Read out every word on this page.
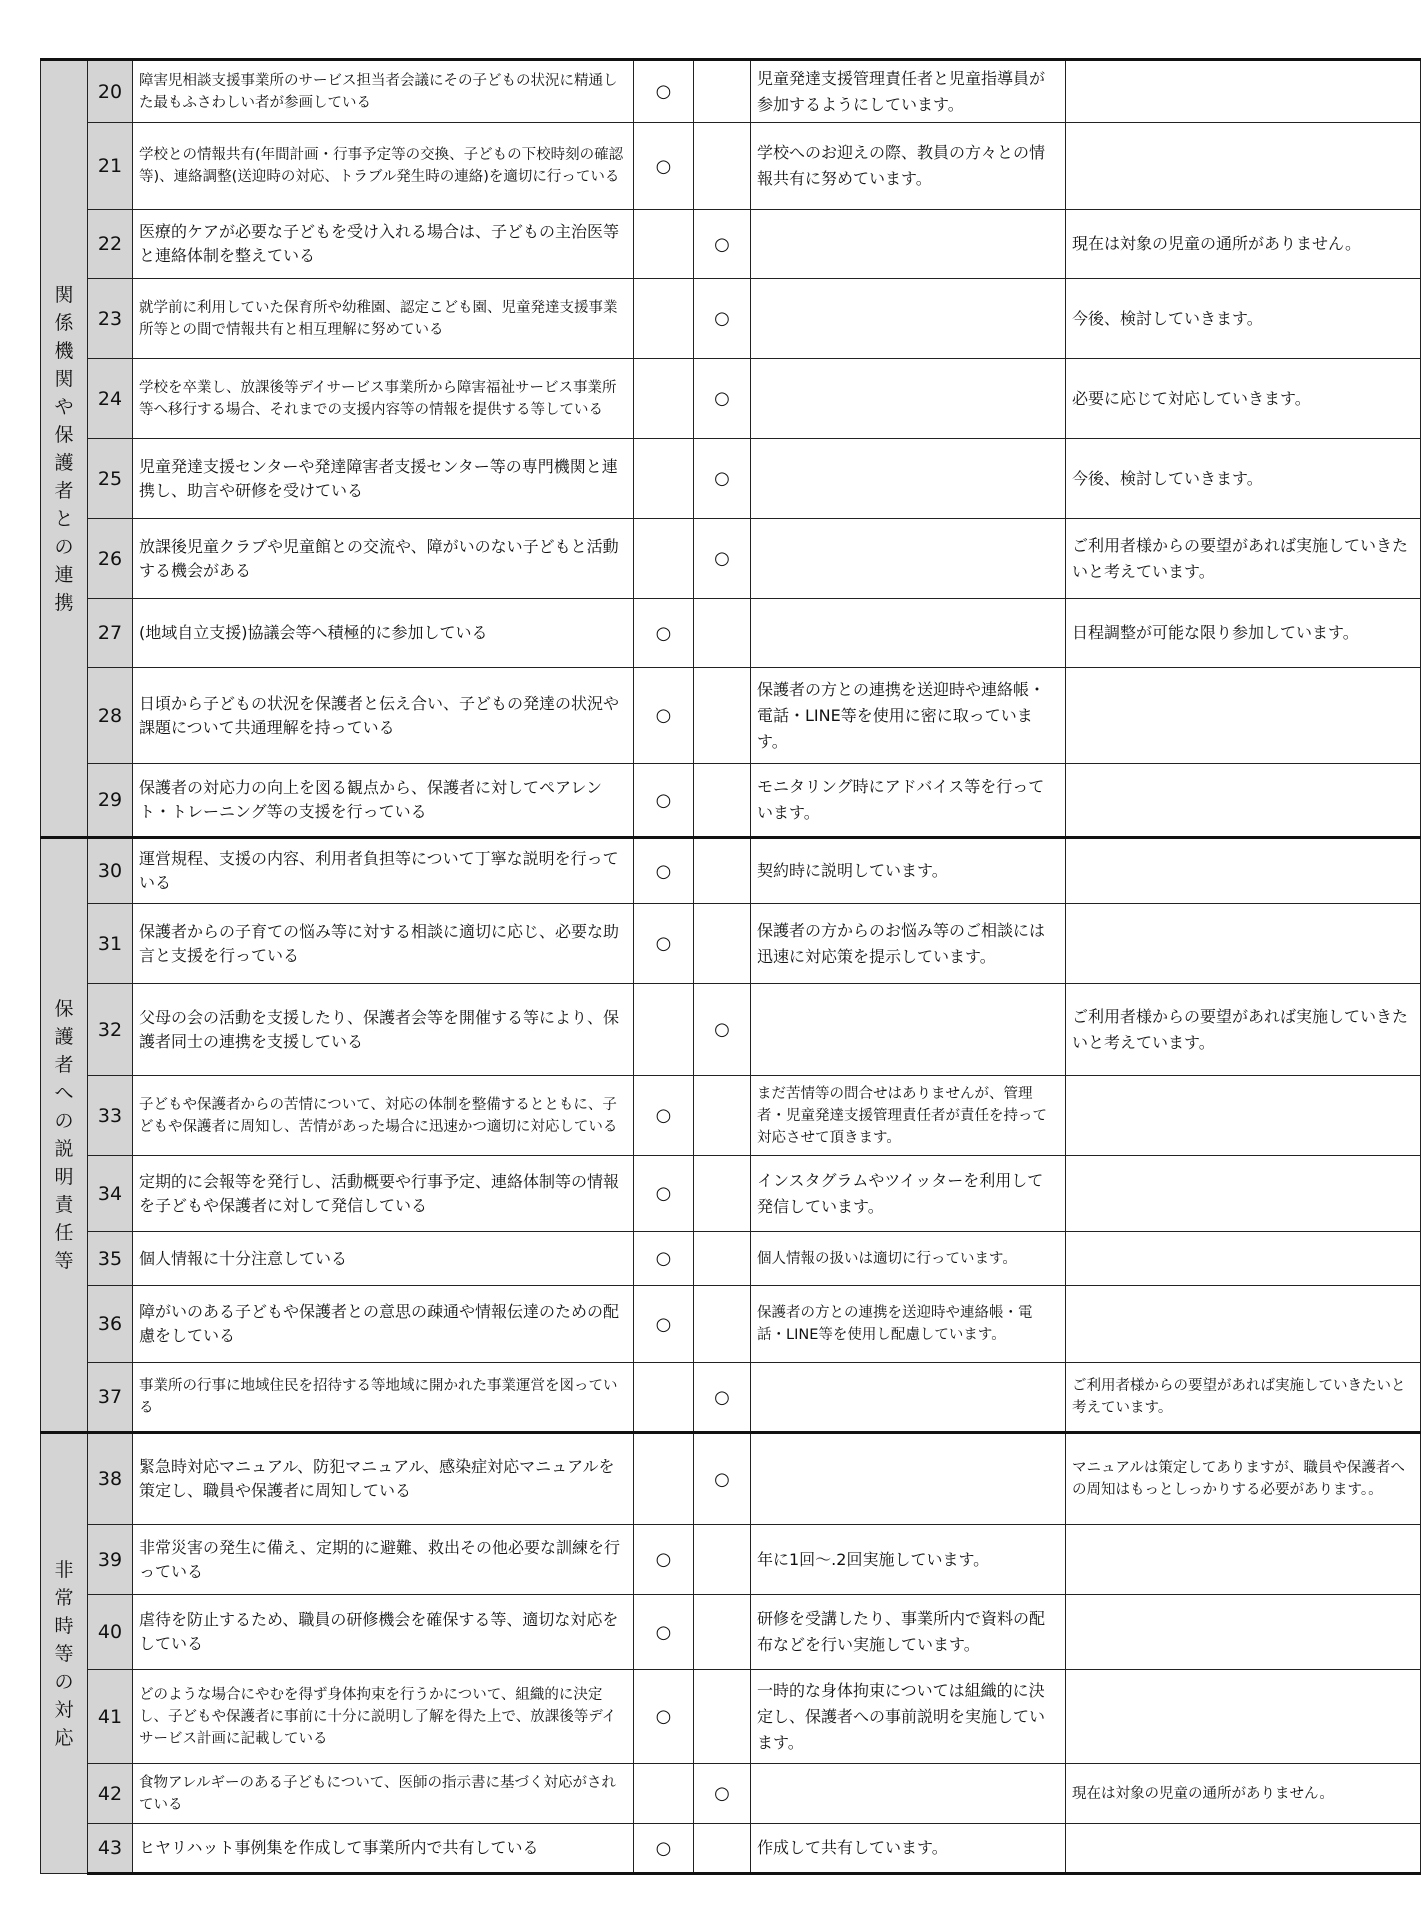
関係機関や保護者との連携	20	障害児相談支援事業所のサービス担当者会議にその子どもの状況に精通した最もふさわしい者が参画している	○		児童発達支援管理責任者と児童指導員が参加するようにしています。	
	21	学校との情報共有(年間計画・行事予定等の交換、子どもの下校時刻の確認等)、連絡調整(送迎時の対応、トラブル発生時の連絡)を適切に行っている	○		学校へのお迎えの際、教員の方々との情報共有に努めています。	
	22	医療的ケアが必要な子どもを受け入れる場合は、子どもの主治医等と連絡体制を整えている		○		現在は対象の児童の通所がありません。
	23	就学前に利用していた保育所や幼稚園、認定こども園、児童発達支援事業所等との間で情報共有と相互理解に努めている		○		今後、検討していきます。
	24	学校を卒業し、放課後等デイサービス事業所から障害福祉サービス事業所等へ移行する場合、それまでの支援内容等の情報を提供する等している		○		必要に応じて対応していきます。
	25	児童発達支援センターや発達障害者支援センター等の専門機関と連携し、助言や研修を受けている		○		今後、検討していきます。
	26	放課後児童クラブや児童館との交流や、障がいのない子どもと活動する機会がある		○		ご利用者様からの要望があれば実施していきたいと考えています。
	27	(地域自立支援)協議会等へ積極的に参加している	○			日程調整が可能な限り参加しています。
	28	日頃から子どもの状況を保護者と伝え合い、子どもの発達の状況や課題について共通理解を持っている	○		保護者の方との連携を送迎時や連絡帳・電話・LINE等を使用に密に取っています。	
	29	保護者の対応力の向上を図る観点から、保護者に対してペアレント・トレーニング等の支援を行っている	○		モニタリング時にアドバイス等を行っています。	
保護者への説明責任等	30	運営規程、支援の内容、利用者負担等について丁寧な説明を行っている	○		契約時に説明しています。	
	31	保護者からの子育ての悩み等に対する相談に適切に応じ、必要な助言と支援を行っている	○		保護者の方からのお悩み等のご相談には迅速に対応策を提示しています。	
	32	父母の会の活動を支援したり、保護者会等を開催する等により、保護者同士の連携を支援している		○		ご利用者様からの要望があれば実施していきたいと考えています。
	33	子どもや保護者からの苦情について、対応の体制を整備するとともに、子どもや保護者に周知し、苦情があった場合に迅速かつ適切に対応している	○		まだ苦情等の問合せはありませんが、管理者・児童発達支援管理責任者が責任を持って対応させて頂きます。	
	34	定期的に会報等を発行し、活動概要や行事予定、連絡体制等の情報を子どもや保護者に対して発信している	○		インスタグラムやツイッターを利用して発信しています。	
	35	個人情報に十分注意している	○		個人情報の扱いは適切に行っています。	
	36	障がいのある子どもや保護者との意思の疎通や情報伝達のための配慮をしている	○		保護者の方との連携を送迎時や連絡帳・電話・LINE等を使用し配慮しています。	
	37	事業所の行事に地域住民を招待する等地域に開かれた事業運営を図っている		○		ご利用者様からの要望があれば実施していきたいと考えています。
非常時等の対応	38	緊急時対応マニュアル、防犯マニュアル、感染症対応マニュアルを策定し、職員や保護者に周知している		○		マニュアルは策定してありますが、職員や保護者への周知はもっとしっかりする必要があります。。
	39	非常災害の発生に備え、定期的に避難、救出その他必要な訓練を行っている	○		年に1回～.2回実施しています。	
	40	虐待を防止するため、職員の研修機会を確保する等、適切な対応をしている	○		研修を受講したり、事業所内で資料の配布などを行い実施しています。	
	41	どのような場合にやむを得ず身体拘束を行うかについて、組織的に決定し、子どもや保護者に事前に十分に説明し了解を得た上で、放課後等デイサービス計画に記載している	○		一時的な身体拘束については組織的に決定し、保護者への事前説明を実施しています。	
	42	食物アレルギーのある子どもについて、医師の指示書に基づく対応がされている		○		現在は対象の児童の通所がありません。
	43	ヒヤリハット事例集を作成して事業所内で共有している	○		作成して共有しています。	
